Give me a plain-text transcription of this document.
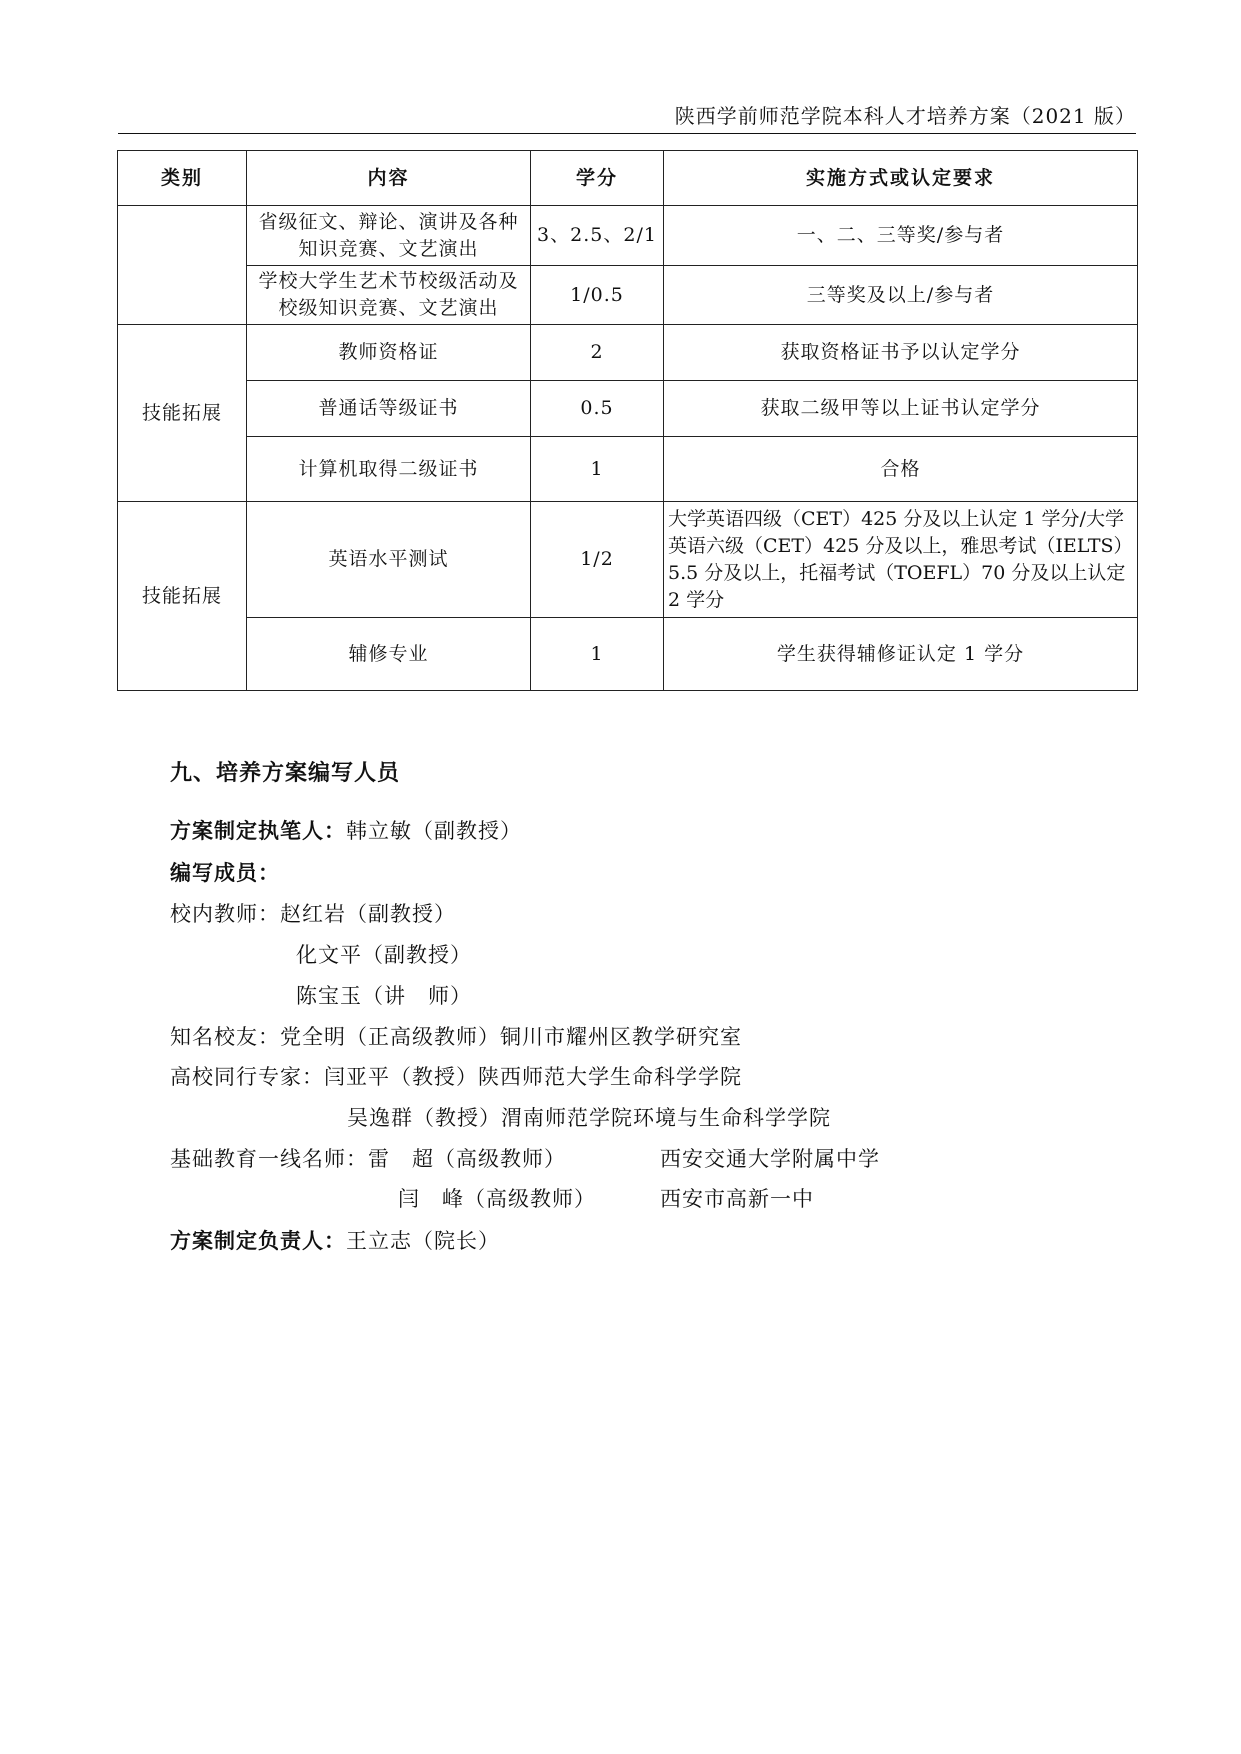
陕西学前师范学院本科人才培养方案（2021 版）
类别	内容	学分	实施方式或认定要求
	省级征文、辩论、演讲及各种知识竞赛、文艺演出	3、2.5、2/1	一、二、三等奖/参与者
	学校大学生艺术节校级活动及校级知识竞赛、文艺演出	1/0.5	三等奖及以上/参与者
技能拓展	教师资格证	2	获取资格证书予以认定学分
	普通话等级证书	0.5	获取二级甲等以上证书认定学分
	计算机取得二级证书	1	合格
技能拓展	英语水平测试	1/2	大学英语四级（CET）425 分及以上认定 1 学分/大学英语六级（CET）425 分及以上，雅思考试（IELTS）5.5 分及以上，托福考试（TOEFL）70 分及以上认定 2 学分
	辅修专业	1	学生获得辅修证认定 1 学分
九、培养方案编写人员
方案制定执笔人：韩立敏（副教授）
编写成员：
校内教师：赵红岩（副教授）
化文平（副教授）
陈宝玉（讲　师）
知名校友：党全明（正高级教师）铜川市耀州区教学研究室
高校同行专家：闫亚平（教授）陕西师范大学生命科学学院
吴逸群（教授）渭南师范学院环境与生命科学学院
基础教育一线名师：雷　超（高级教师）	西安交通大学附属中学
闫　峰（高级教师）	西安市高新一中
方案制定负责人：王立志（院长）
